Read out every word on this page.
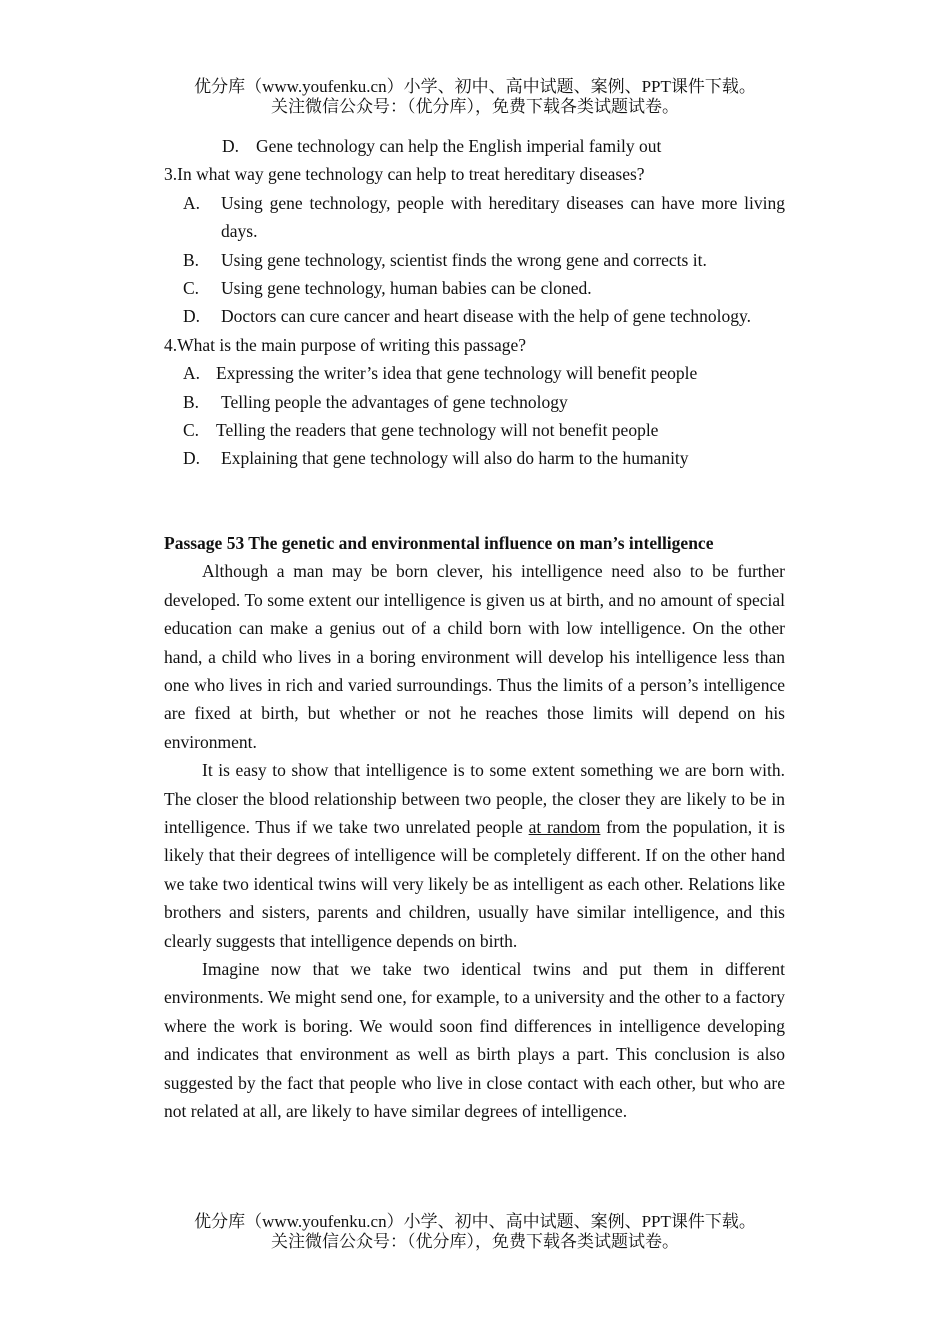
优分库（www.youfenku.cn）小学、初中、高中试题、案例、PPT课件下载。
关注微信公众号：（优分库），免费下载各类试题试卷。
D. Gene technology can help the English imperial family out
3.In what way gene technology can help to treat hereditary diseases?
A.	Using gene technology, people with hereditary diseases can have more living days.
B.	Using gene technology, scientist finds the wrong gene and corrects it.
C.	Using gene technology, human babies can be cloned.
D.	Doctors can cure cancer and heart disease with the help of gene technology.
4.What is the main purpose of writing this passage?
A. Expressing the writer’s idea that gene technology will benefit people
B.	Telling people the advantages of gene technology
C. Telling the readers that gene technology will not benefit people
D.	Explaining that gene technology will also do harm to the humanity
Passage 53 The genetic and environmental influence on man’s intelligence
Although a man may be born clever, his intelligence need also to be further developed. To some extent our intelligence is given us at birth, and no amount of special education can make a genius out of a child born with low intelligence. On the other hand, a child who lives in a boring environment will develop his intelligence less than one who lives in rich and varied surroundings. Thus the limits of a person’s intelligence are fixed at birth, but whether or not he reaches those limits will depend on his environment.
It is easy to show that intelligence is to some extent something we are born with. The closer the blood relationship between two people, the closer they are likely to be in intelligence. Thus if we take two unrelated people at random from the population, it is likely that their degrees of intelligence will be completely different. If on the other hand we take two identical twins will very likely be as intelligent as each other. Relations like brothers and sisters, parents and children, usually have similar intelligence, and this clearly suggests that intelligence depends on birth.
Imagine now that we take two identical twins and put them in different environments. We might send one, for example, to a university and the other to a factory where the work is boring. We would soon find differences in intelligence developing and indicates that environment as well as birth plays a part. This conclusion is also suggested by the fact that people who live in close contact with each other, but who are not related at all, are likely to have similar degrees of intelligence.
优分库（www.youfenku.cn）小学、初中、高中试题、案例、PPT课件下载。
关注微信公众号：（优分库），免费下载各类试题试卷。
